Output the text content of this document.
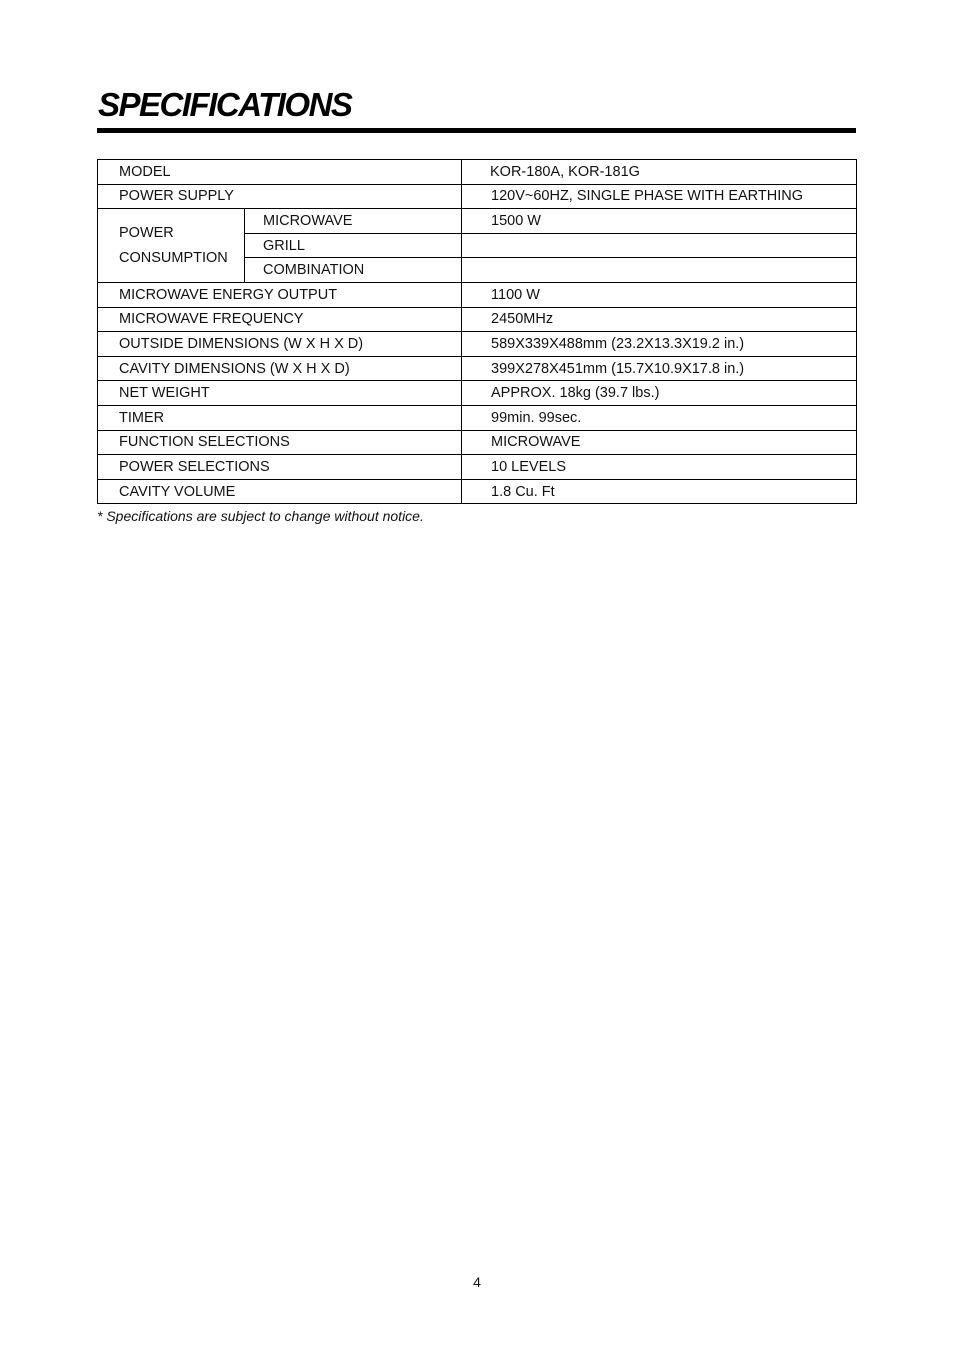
SPECIFICATIONS
MODEL		KOR-180A, KOR-181G
POWER SUPPLY		120V~60HZ, SINGLE PHASE WITH EARTHING
POWER
CONSUMPTION	MICROWAVE	1500 W
	GRILL	
	COMBINATION	
MICROWAVE ENERGY OUTPUT		1100 W
MICROWAVE FREQUENCY		2450MHz
OUTSIDE DIMENSIONS (W X H X D)		589X339X488mm (23.2X13.3X19.2 in.)
CAVITY DIMENSIONS (W X H X D)		399X278X451mm (15.7X10.9X17.8 in.)
NET WEIGHT		APPROX. 18kg (39.7 lbs.)
TIMER		99min. 99sec.
FUNCTION SELECTIONS		MICROWAVE
POWER SELECTIONS		10 LEVELS
CAVITY VOLUME		1.8 Cu. Ft
* Specifications are subject to change without notice.
4
